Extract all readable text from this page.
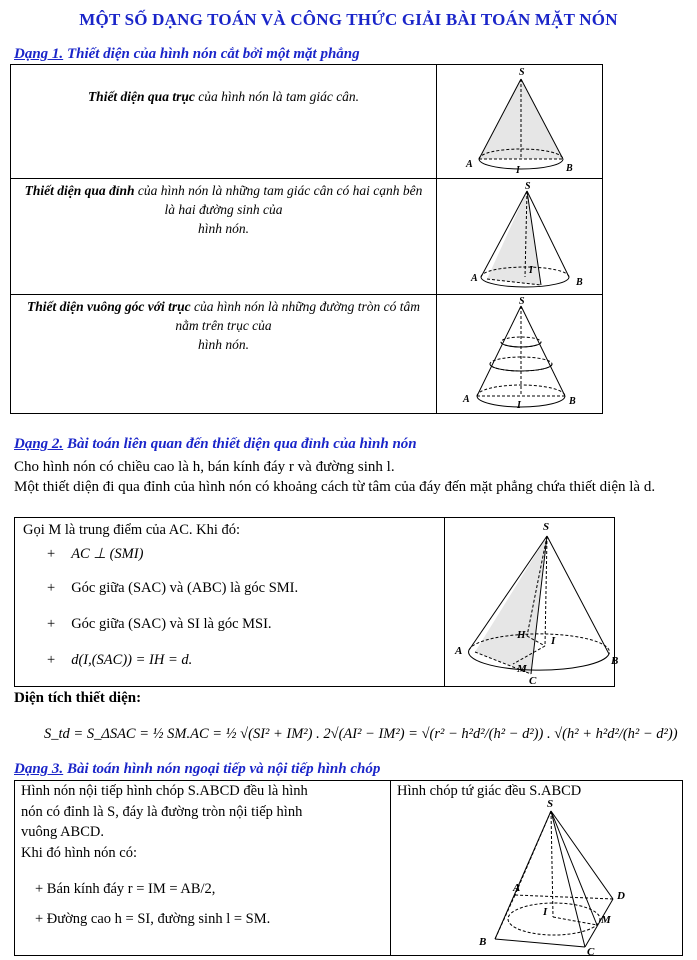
MỘT SỐ DẠNG TOÁN VÀ CÔNG THỨC GIẢI BÀI TOÁN MẶT NÓN
Dạng 1. Thiết diện của hình nón cắt bởi một mặt phẳng
Thiết diện qua trục của hình nón là tam giác cân.
Thiết diện qua đỉnh của hình nón là những tam giác cân có hai cạnh bên là hai đường sinh của
hình nón.
Thiết diện vuông góc với trục của hình nón là những đường tròn có tâm nằm trên trục của
hình nón.
S
A	B
I
S
A	B
I
S
A	B
I
Dạng 2. Bài toán liên quan đến thiết diện qua đỉnh của hình nón
Cho hình nón có chiều cao là h, bán kính đáy r và đường sinh l.
Một thiết diện đi qua đỉnh của hình nón có khoảng cách từ tâm của đáy đến mặt phẳng chứa thiết diện là d.
Gọi M là trung điểm của AC. Khi đó:
+ AC ⊥ (SMI)
+ Góc giữa (SAC) và (ABC) là góc SMI.
+ Góc giữa (SAC) và SI là góc MSI.
+ d(I,(SAC)) = IH = d.
S
A
B
C
H I
M
Diện tích thiết diện:
S_td = S_ΔSAC = ½ SM.AC = ½ √(SI² + IM²) . 2√(AI² − IM²) = √(r² − h²d²/(h² − d²)) . √(h² + h²d²/(h² − d²))
Dạng 3. Bài toán hình nón ngoại tiếp và nội tiếp hình chóp
Hình nón nội tiếp hình chóp S.ABCD đều là hình
nón có đỉnh là S, đáy là đường tròn nội tiếp hình
vuông ABCD.
Khi đó hình nón có:
+ Bán kính đáy r = IM = AB/2,
+ Đường cao h = SI, đường sinh l = SM.
Hình chóp tứ giác đều S.ABCD
S
A
B
C
D
I
M
